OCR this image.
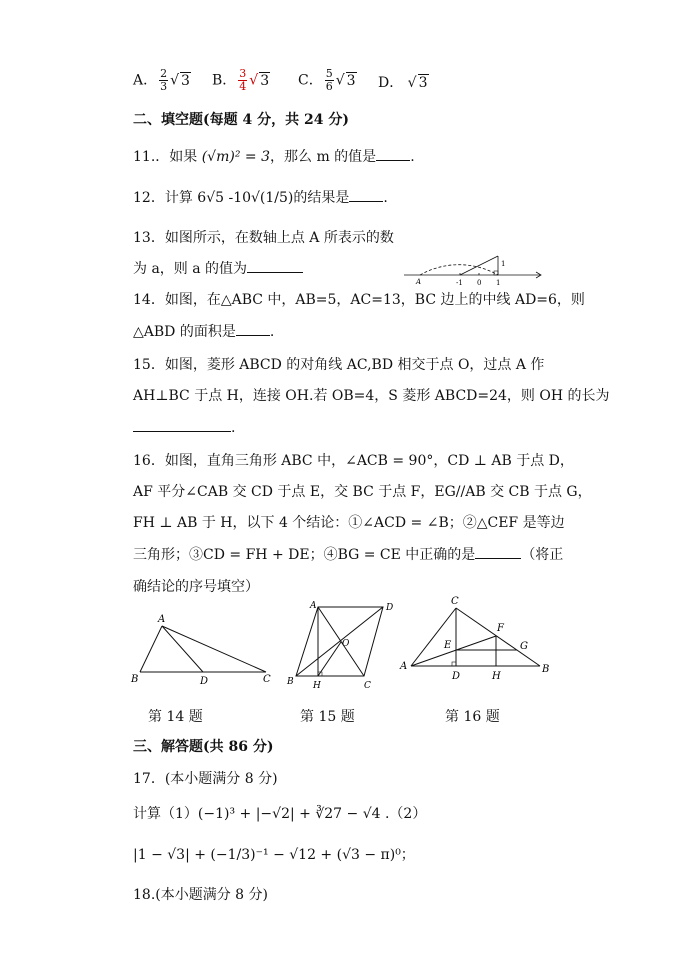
A． $\frac{2}{3}$ √ 3 B． $\frac{3}{4}$ √ 3 C． $\frac{5}{6}$ √ 3 D． √ 3
二、填空题(每题 4 分，共 24 分)
11.．如果 (√m)² = 3，那么 m 的值是 .
12．计算 6√5 -10√(1/5)的结果是 .
13．如图所示，在数轴上点 A 所表示的数
为 a，则 a 的值为
A	-1 0 1
1
14．如图，在△ABC 中，AB=5，AC=13，BC 边上的中线 AD=6，则
△ABD 的面积是 .
15．如图，菱形 ABCD 的对角线 AC,BD 相交于点 O，过点 A 作
AH⊥BC 于点 H，连接 OH.若 OB=4，S 菱形 ABCD=24，则 OH 的长为
.
16．如图，直角三角形 ABC 中，∠ACB = 90°，CD ⊥ AB 于点 D，
AF 平分∠CAB 交 CD 于点 E，交 BC 于点 F，EG//AB 交 CB 于点 G，
FH ⊥ AB 于 H，以下 4 个结论：①∠ACD = ∠B；②△CEF 是等边
三角形；③CD = FH + DE；④BG = CE 中正确的是	（将正
确结论的序号填空）
A
B	D	C
第 14 题
A	D
O
B H	C
第 15 题
C
F
E	G
A
D	H
B
第 16 题
三、解答题(共 86 分)
17．(本小题满分 8 分)
计算（1）(−1)³ + |−√2| + ∛27 − √4 .（2）
|1 − √3| + (−1/3)⁻¹ − √12 + (√3 − π)⁰；
18.(本小题满分 8 分)
